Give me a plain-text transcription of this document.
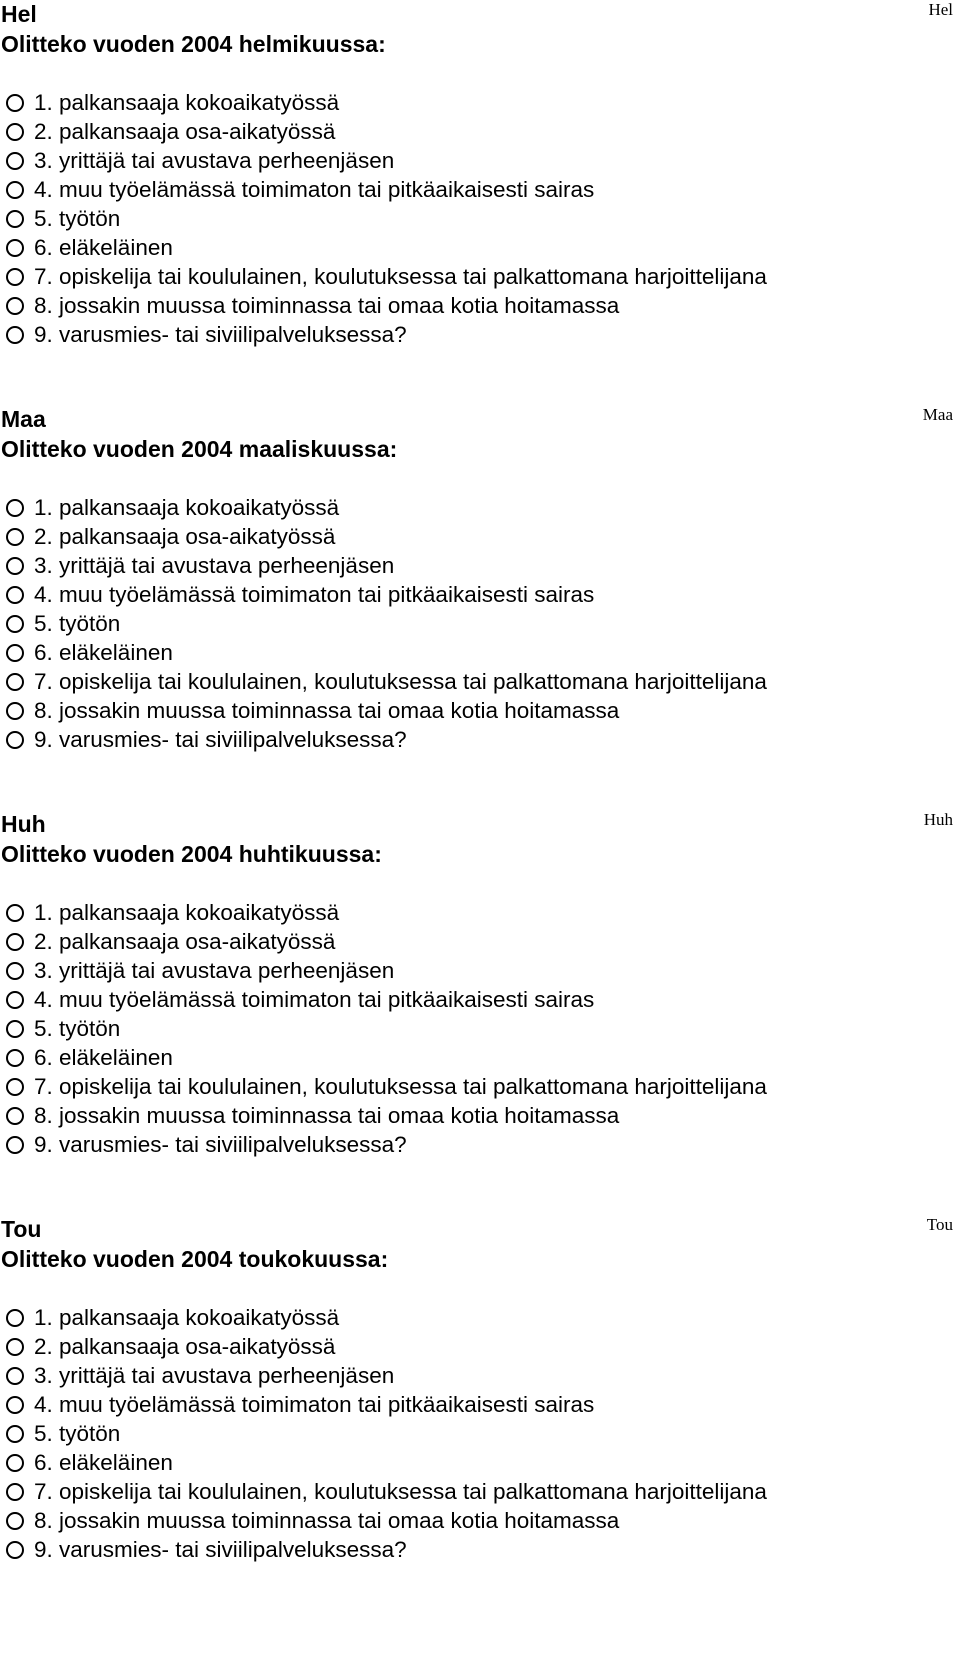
Hel	Hel
Olitteko vuoden 2004 helmikuussa:
1. palkansaaja kokoaikatyössä
2. palkansaaja osa-aikatyössä
3. yrittäjä tai avustava perheenjäsen
4. muu työelämässä toimimaton tai pitkäaikaisesti sairas
5. työtön
6. eläkeläinen
7. opiskelija tai koululainen, koulutuksessa tai palkattomana harjoittelijana
8. jossakin muussa toiminnassa tai omaa kotia hoitamassa
9. varusmies- tai siviilipalveluksessa?
Maa	Maa
Olitteko vuoden 2004 maaliskuussa:
1. palkansaaja kokoaikatyössä
2. palkansaaja osa-aikatyössä
3. yrittäjä tai avustava perheenjäsen
4. muu työelämässä toimimaton tai pitkäaikaisesti sairas
5. työtön
6. eläkeläinen
7. opiskelija tai koululainen, koulutuksessa tai palkattomana harjoittelijana
8. jossakin muussa toiminnassa tai omaa kotia hoitamassa
9. varusmies- tai siviilipalveluksessa?
Huh	Huh
Olitteko vuoden 2004 huhtikuussa:
1. palkansaaja kokoaikatyössä
2. palkansaaja osa-aikatyössä
3. yrittäjä tai avustava perheenjäsen
4. muu työelämässä toimimaton tai pitkäaikaisesti sairas
5. työtön
6. eläkeläinen
7. opiskelija tai koululainen, koulutuksessa tai palkattomana harjoittelijana
8. jossakin muussa toiminnassa tai omaa kotia hoitamassa
9. varusmies- tai siviilipalveluksessa?
Tou	Tou
Olitteko vuoden 2004 toukokuussa:
1. palkansaaja kokoaikatyössä
2. palkansaaja osa-aikatyössä
3. yrittäjä tai avustava perheenjäsen
4. muu työelämässä toimimaton tai pitkäaikaisesti sairas
5. työtön
6. eläkeläinen
7. opiskelija tai koululainen, koulutuksessa tai palkattomana harjoittelijana
8. jossakin muussa toiminnassa tai omaa kotia hoitamassa
9. varusmies- tai siviilipalveluksessa?
